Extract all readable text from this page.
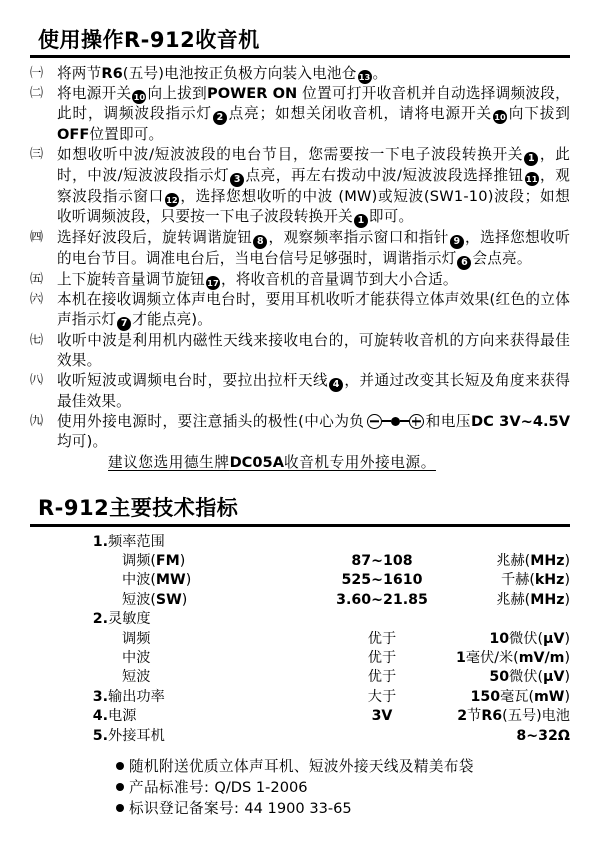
使用操作R-912收音机
㈠ 将两节R6(五号)电池按正负极方向装入电池仓 13 。
㈡ 将电源开关 10 向上拔到POWER ON 位置可打开收音机并自动选择调频波段，此时，调频波段指示灯 2 点亮；如想关闭收音机，请将电源开关 10 向下拔到OFF位置即可。
㈢ 如想收听中波/短波波段的电台节目，您需要按一下电子波段转换开关 1 ，此时，中波/短波波段指示灯 3 点亮，再左右拨动中波/短波波段选择推钮 11 ，观察波段指示窗口 12 ，选择您想收听的中波 (MW)或短波(SW1-10)波段；如想收听调频波段，只要按一下电子波段转换开关 1 即可。
㈣ 选择好波段后，旋转调谐旋钮 8 ，观察频率指示窗口和指针 9 ，选择您想收听的电台节目。调准电台后，当电台信号足够强时，调谐指示灯 6 会点亮。
㈤ 上下旋转音量调节旋钮 17 ，将收音机的音量调节到大小合适。
㈥ 本机在接收调频立体声电台时，要用耳机收听才能获得立体声效果(红色的立体声指示灯 7 才能点亮)。
㈦ 收听中波是利用机内磁性天线来接收电台的，可旋转收音机的方向来获得最佳效果。
㈧ 收听短波或调频电台时，要拉出拉杆天线 4 ，并通过改变其长短及角度来获得最佳效果。
㈨ 使用外接电源时，要注意插头的极性(中心为负	和电压DC 3V~4.5V均可)。

建议您选用德生牌DC05A收音机专用外接电源。

R-912主要技术指标
1.	频率范围		
	调频(FM)	87~108	兆赫(MHz)
	中波(MW)	525~1610	千赫(kHz)
	短波(SW)	3.60~21.85	兆赫(MHz)
2.	灵敏度		
	调频	优于	10微伏(μV)
	中波	优于	1毫伏/米(mV/m)
	短波	优于	50微伏(μV)
3.	输出功率	大于	150毫瓦(mW)
4.	电源	3V	2节R6(五号)电池
5.	外接耳机		8~32Ω
随机附送优质立体声耳机、短波外接天线及精美布袋
产品标准号: Q/DS 1-2006
标识登记备案号: 44 1900 33-65
